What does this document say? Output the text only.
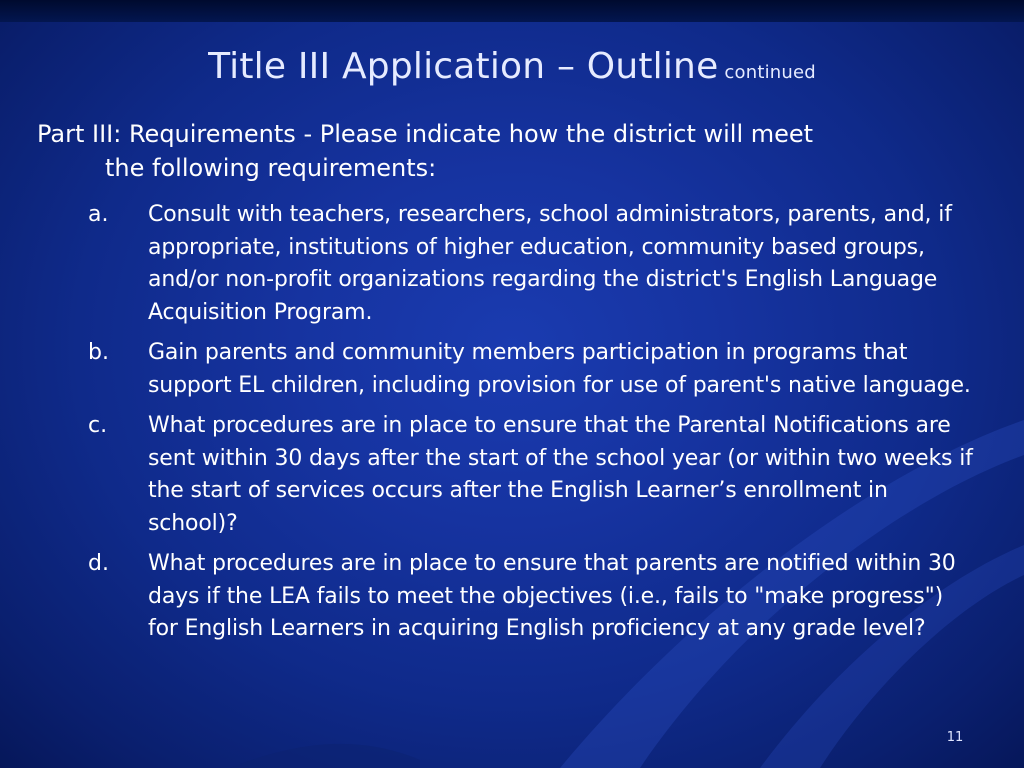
Title III Application – Outline continued
Part III: Requirements - Please indicate how the district will meet
the following requirements:
a.	Consult with teachers, researchers, school administrators, parents, and, if appropriate, institutions of higher education, community based groups, and/or non-profit organizations regarding the district's English Language Acquisition Program.
b.	Gain parents and community members participation in programs that support EL children, including provision for use of parent's native language.
c.	What procedures are in place to ensure that the Parental Notifications are sent within 30 days after the start of the school year (or within two weeks if the start of services occurs after the English Learner’s enrollment in school)?
d.	What procedures are in place to ensure that parents are notified within 30 days if the LEA fails to meet the objectives (i.e., fails to "make progress") for English Learners in acquiring English proficiency at any grade level?
11
